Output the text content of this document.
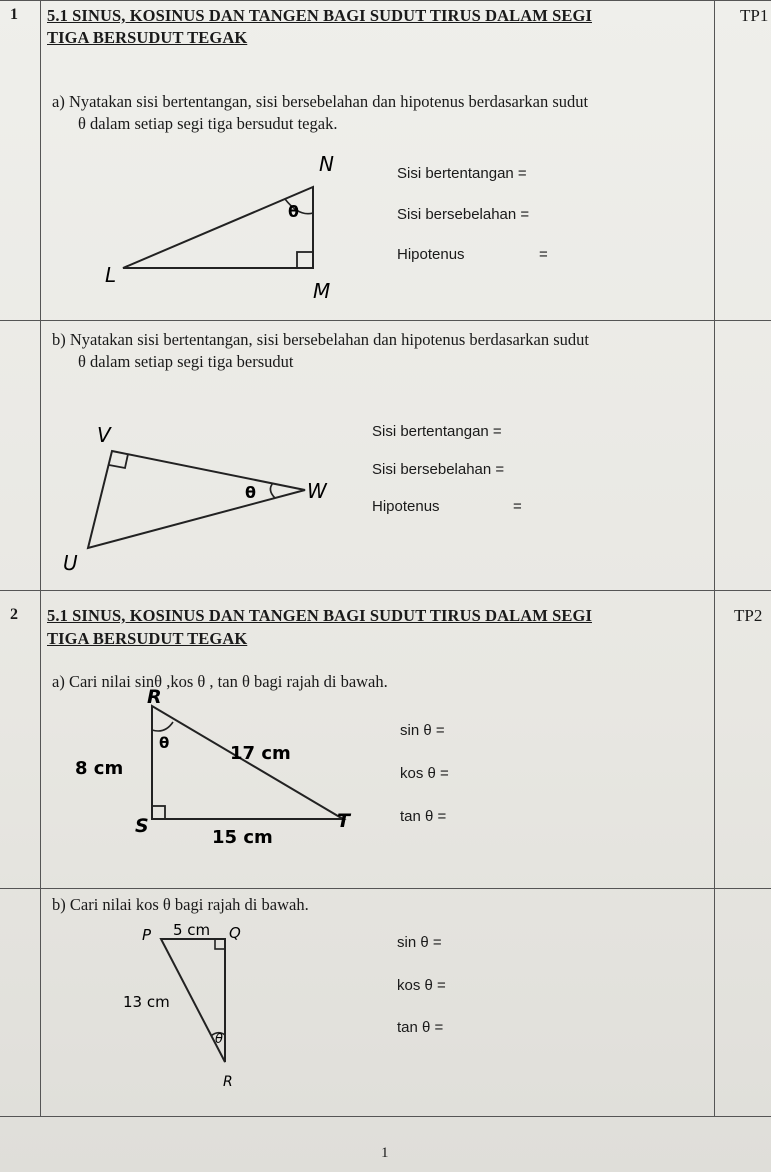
1 5.1 SINUS, KOSINUS DAN TANGEN BAGI SUDUT TIRUS DALAM SEGI
TIGA BERSUDUT TEGAK
TP1
a) Nyatakan sisi bertentangan, sisi bersebelahan dan hipotenus berdasarkan sudut
θ dalam setiap segi tiga bersudut tegak.
N
L
M
θ
Sisi bertentangan =
Sisi bersebelahan =
Hipotenus	=
b) Nyatakan sisi bertentangan, sisi bersebelahan dan hipotenus berdasarkan sudut
θ dalam setiap segi tiga bersudut
V
W
U
θ
Sisi bertentangan =
Sisi bersebelahan =
Hipotenus	=
2 5.1 SINUS, KOSINUS DAN TANGEN BAGI SUDUT TIRUS DALAM SEGI
TIGA BERSUDUT TEGAK
TP2
a) Cari nilai sinθ ,kos θ , tan θ bagi rajah di bawah.
R
S	T
θ
8 cm
17 cm
15 cm
sin θ =
kos θ =
tan θ =
b) Cari nilai kos θ bagi rajah di bawah.
P	Q
R
θ
5 cm
13 cm
sin θ =
kos θ =
tan θ =
1
